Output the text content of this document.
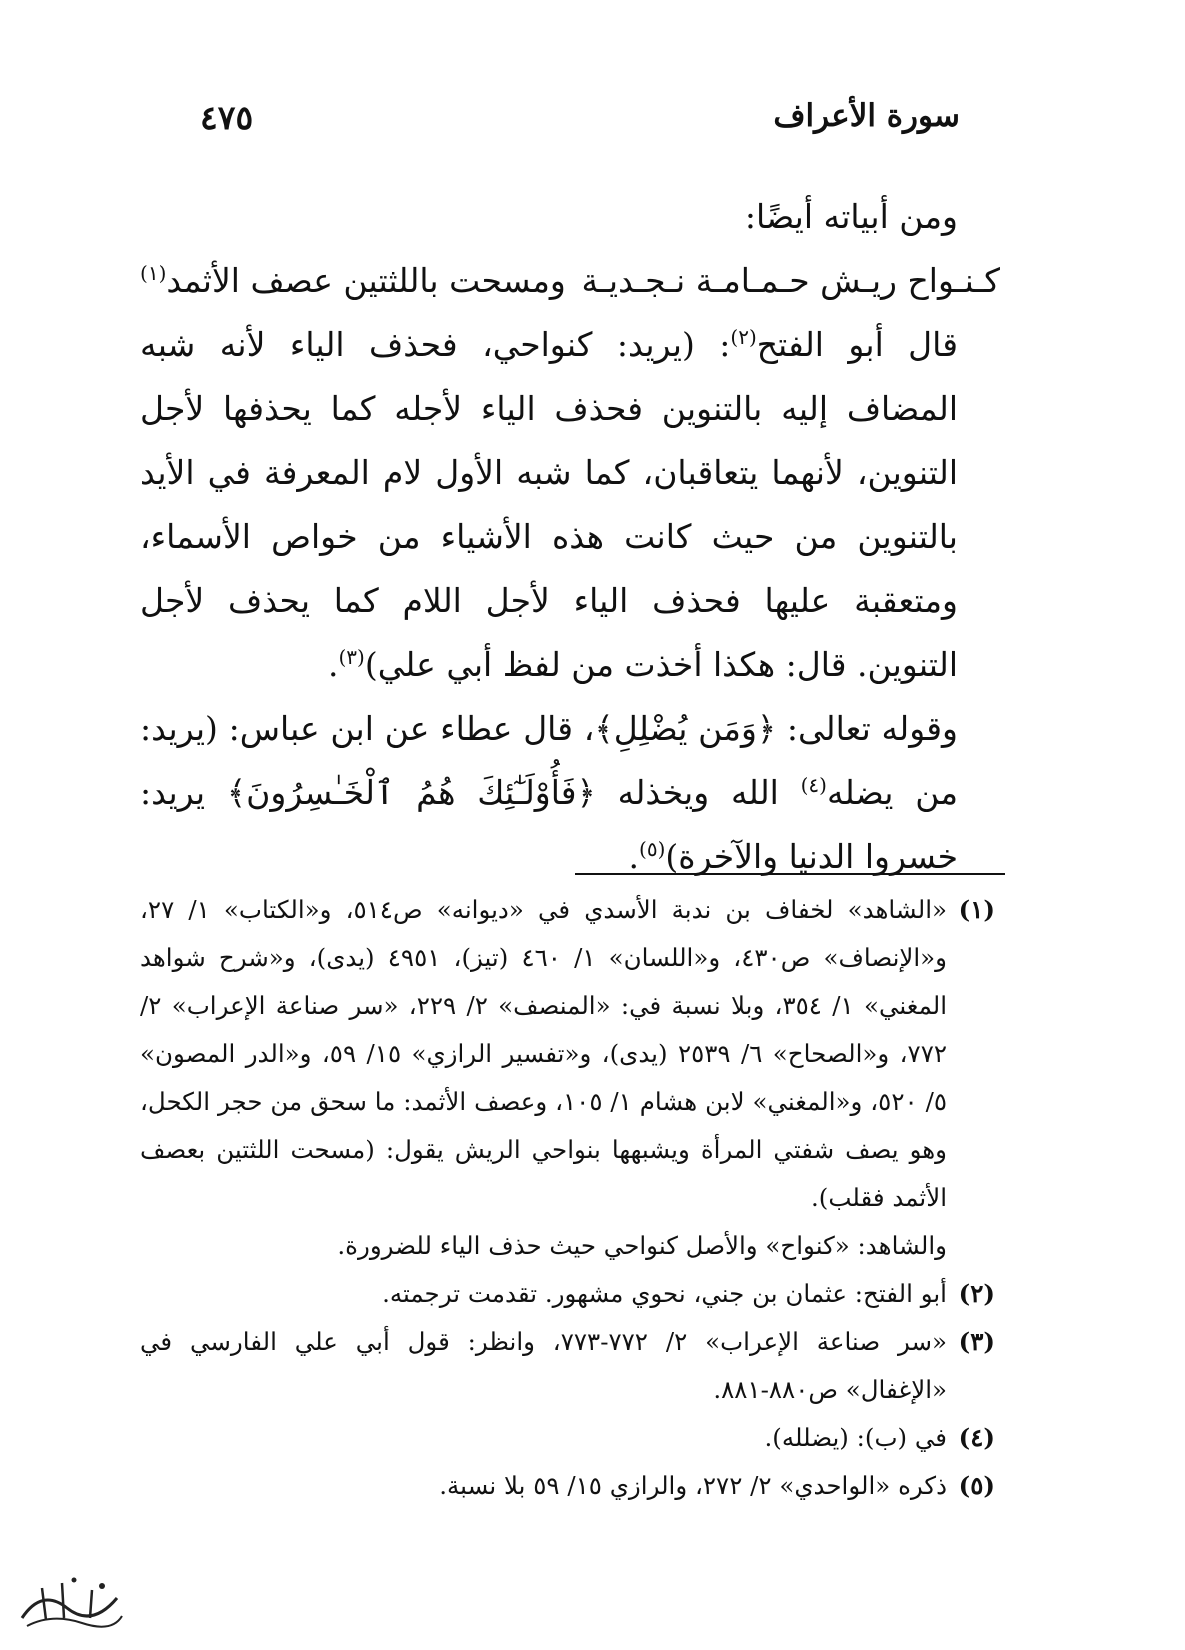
سورة الأعراف
٤٧٥

ومن أبياته أيضًا:

كـنـواح ريـش حـمـامـة نـجـديـة
ومسحت باللثتين عصف الأثمد$^{(١)}$

قال أبو الفتح$^{(٢)}$: (يريد: كنواحي، فحذف الياء لأنه شبه المضاف إليه بالتنوين فحذف الياء لأجله كما يحذفها لأجل التنوين، لأنهما يتعاقبان، كما شبه الأول لام المعرفة في الأيد بالتنوين من حيث كانت هذه الأشياء من خواص الأسماء، ومتعقبة عليها فحذف الياء لأجل اللام كما يحذف لأجل التنوين. قال: هكذا أخذت من لفظ أبي علي)$^{(٣)}$.

وقوله تعالى: ﴿وَمَن يُضْلِلِ﴾، قال عطاء عن ابن عباس: (يريد: من يضله$^{(٤)}$ الله ويخذله ﴿فَأُوْلَـٰٓئِكَ هُمُ ٱلْخَـٰسِرُونَ﴾ يريد: خسروا الدنيا والآخرة)$^{(٥)}$.

(١)
«الشاهد» لخفاف بن ندبة الأسدي في «ديوانه» ص٥١٤، و«الكتاب» ١/ ٢٧، و«الإنصاف» ص٤٣٠، و«اللسان» ١/ ٤٦٠ (تيز)، ٤٩٥١ (يدى)، و«شرح شواهد المغني» ١/ ٣٥٤، وبلا نسبة في: «المنصف» ٢/ ٢٢٩، «سر صناعة الإعراب» ٢/ ٧٧٢، و«الصحاح» ٦/ ٢٥٣٩ (يدى)، و«تفسير الرازي» ١٥/ ٥٩، و«الدر المصون» ٥/ ٥٢٠، و«المغني» لابن هشام ١/ ١٠٥، وعصف الأثمد: ما سحق من حجر الكحل، وهو يصف شفتي المرأة ويشبهها بنواحي الريش يقول: (مسحت اللثتين بعصف الأثمد فقلب).
والشاهد: «كنواح» والأصل كنواحي حيث حذف الياء للضرورة.
(٢)
أبو الفتح: عثمان بن جني، نحوي مشهور. تقدمت ترجمته.
(٣)
«سر صناعة الإعراب» ٢/ ٧٧٢-٧٧٣، وانظر: قول أبي علي الفارسي في «الإغفال» ص٨٨٠-٨٨١.
(٤)
في (ب): (يضلله).
(٥)
ذكره «الواحدي» ٢/ ٢٧٢، والرازي ١٥/ ٥٩ بلا نسبة.
